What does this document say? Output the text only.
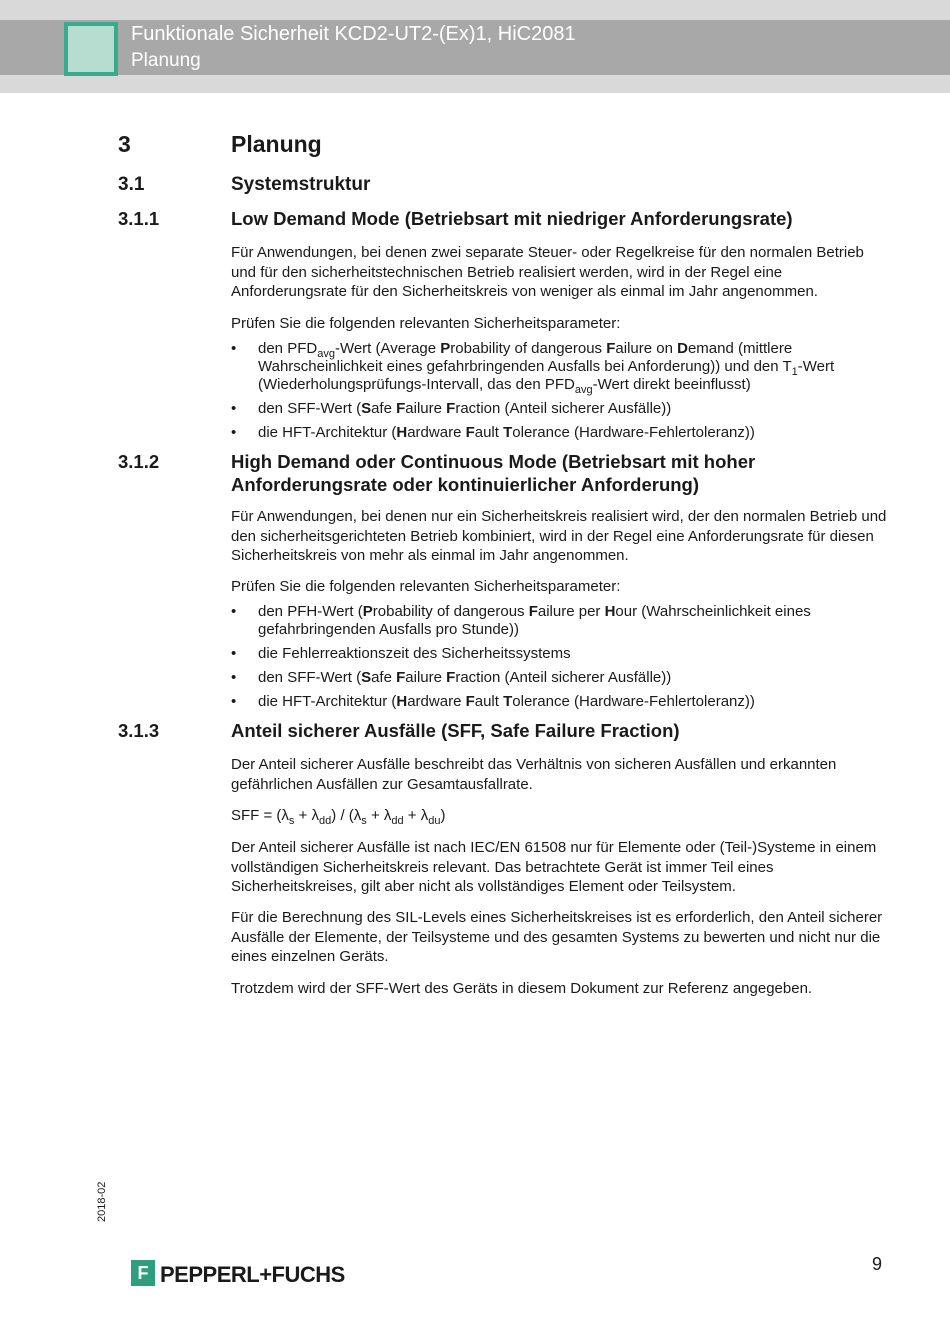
Funktionale Sicherheit KCD2-UT2-(Ex)1, HiC2081
Planung
3	Planung
3.1	Systemstruktur
3.1.1	Low Demand Mode (Betriebsart mit niedriger Anforderungsrate)
Für Anwendungen, bei denen zwei separate Steuer- oder Regelkreise für den normalen Betrieb und für den sicherheitstechnischen Betrieb realisiert werden, wird in der Regel eine Anforderungsrate für den Sicherheitskreis von weniger als einmal im Jahr angenommen.
Prüfen Sie die folgenden relevanten Sicherheitsparameter:
• den $PFD_{avg}$-Wert (Average Probability of dangerous Failure on Demand (mittlere Wahrscheinlichkeit eines gefahrbringenden Ausfalls bei Anforderung)) und den $T_1$-Wert (Wiederholungsprüfungs-Intervall, das den $PFD_{avg}$-Wert direkt beeinflusst)
• den SFF-Wert (Safe Failure Fraction (Anteil sicherer Ausfälle))
• die HFT-Architektur (Hardware Fault Tolerance (Hardware-Fehlertoleranz))
3.1.2	High Demand oder Continuous Mode (Betriebsart mit hoher
Anforderungsrate oder kontinuierlicher Anforderung)
Für Anwendungen, bei denen nur ein Sicherheitskreis realisiert wird, der den normalen Betrieb und den sicherheitsgerichteten Betrieb kombiniert, wird in der Regel eine Anforderungsrate für diesen Sicherheitskreis von mehr als einmal im Jahr angenommen.
Prüfen Sie die folgenden relevanten Sicherheitsparameter:
• den PFH-Wert (Probability of dangerous Failure per Hour (Wahrscheinlichkeit eines gefahrbringenden Ausfalls pro Stunde))
• die Fehlerreaktionszeit des Sicherheitssystems
• den SFF-Wert (Safe Failure Fraction (Anteil sicherer Ausfälle))
• die HFT-Architektur (Hardware Fault Tolerance (Hardware-Fehlertoleranz))
3.1.3	Anteil sicherer Ausfälle (SFF, Safe Failure Fraction)
Der Anteil sicherer Ausfälle beschreibt das Verhältnis von sicheren Ausfällen und erkannten gefährlichen Ausfällen zur Gesamtausfallrate.
SFF = $(\lambda_s + \lambda_{dd}) / (\lambda_s + \lambda_{dd} + \lambda_{du})$
Der Anteil sicherer Ausfälle ist nach IEC/EN 61508 nur für Elemente oder (Teil-)Systeme in einem vollständigen Sicherheitskreis relevant. Das betrachtete Gerät ist immer Teil eines Sicherheitskreises, gilt aber nicht als vollständiges Element oder Teilsystem.
Für die Berechnung des SIL-Levels eines Sicherheitskreises ist es erforderlich, den Anteil sicherer Ausfälle der Elemente, der Teilsysteme und des gesamten Systems zu bewerten und nicht nur die eines einzelnen Geräts.
Trotzdem wird der SFF-Wert des Geräts in diesem Dokument zur Referenz angegeben.
2018-02
F PEPPERL+FUCHS	9
